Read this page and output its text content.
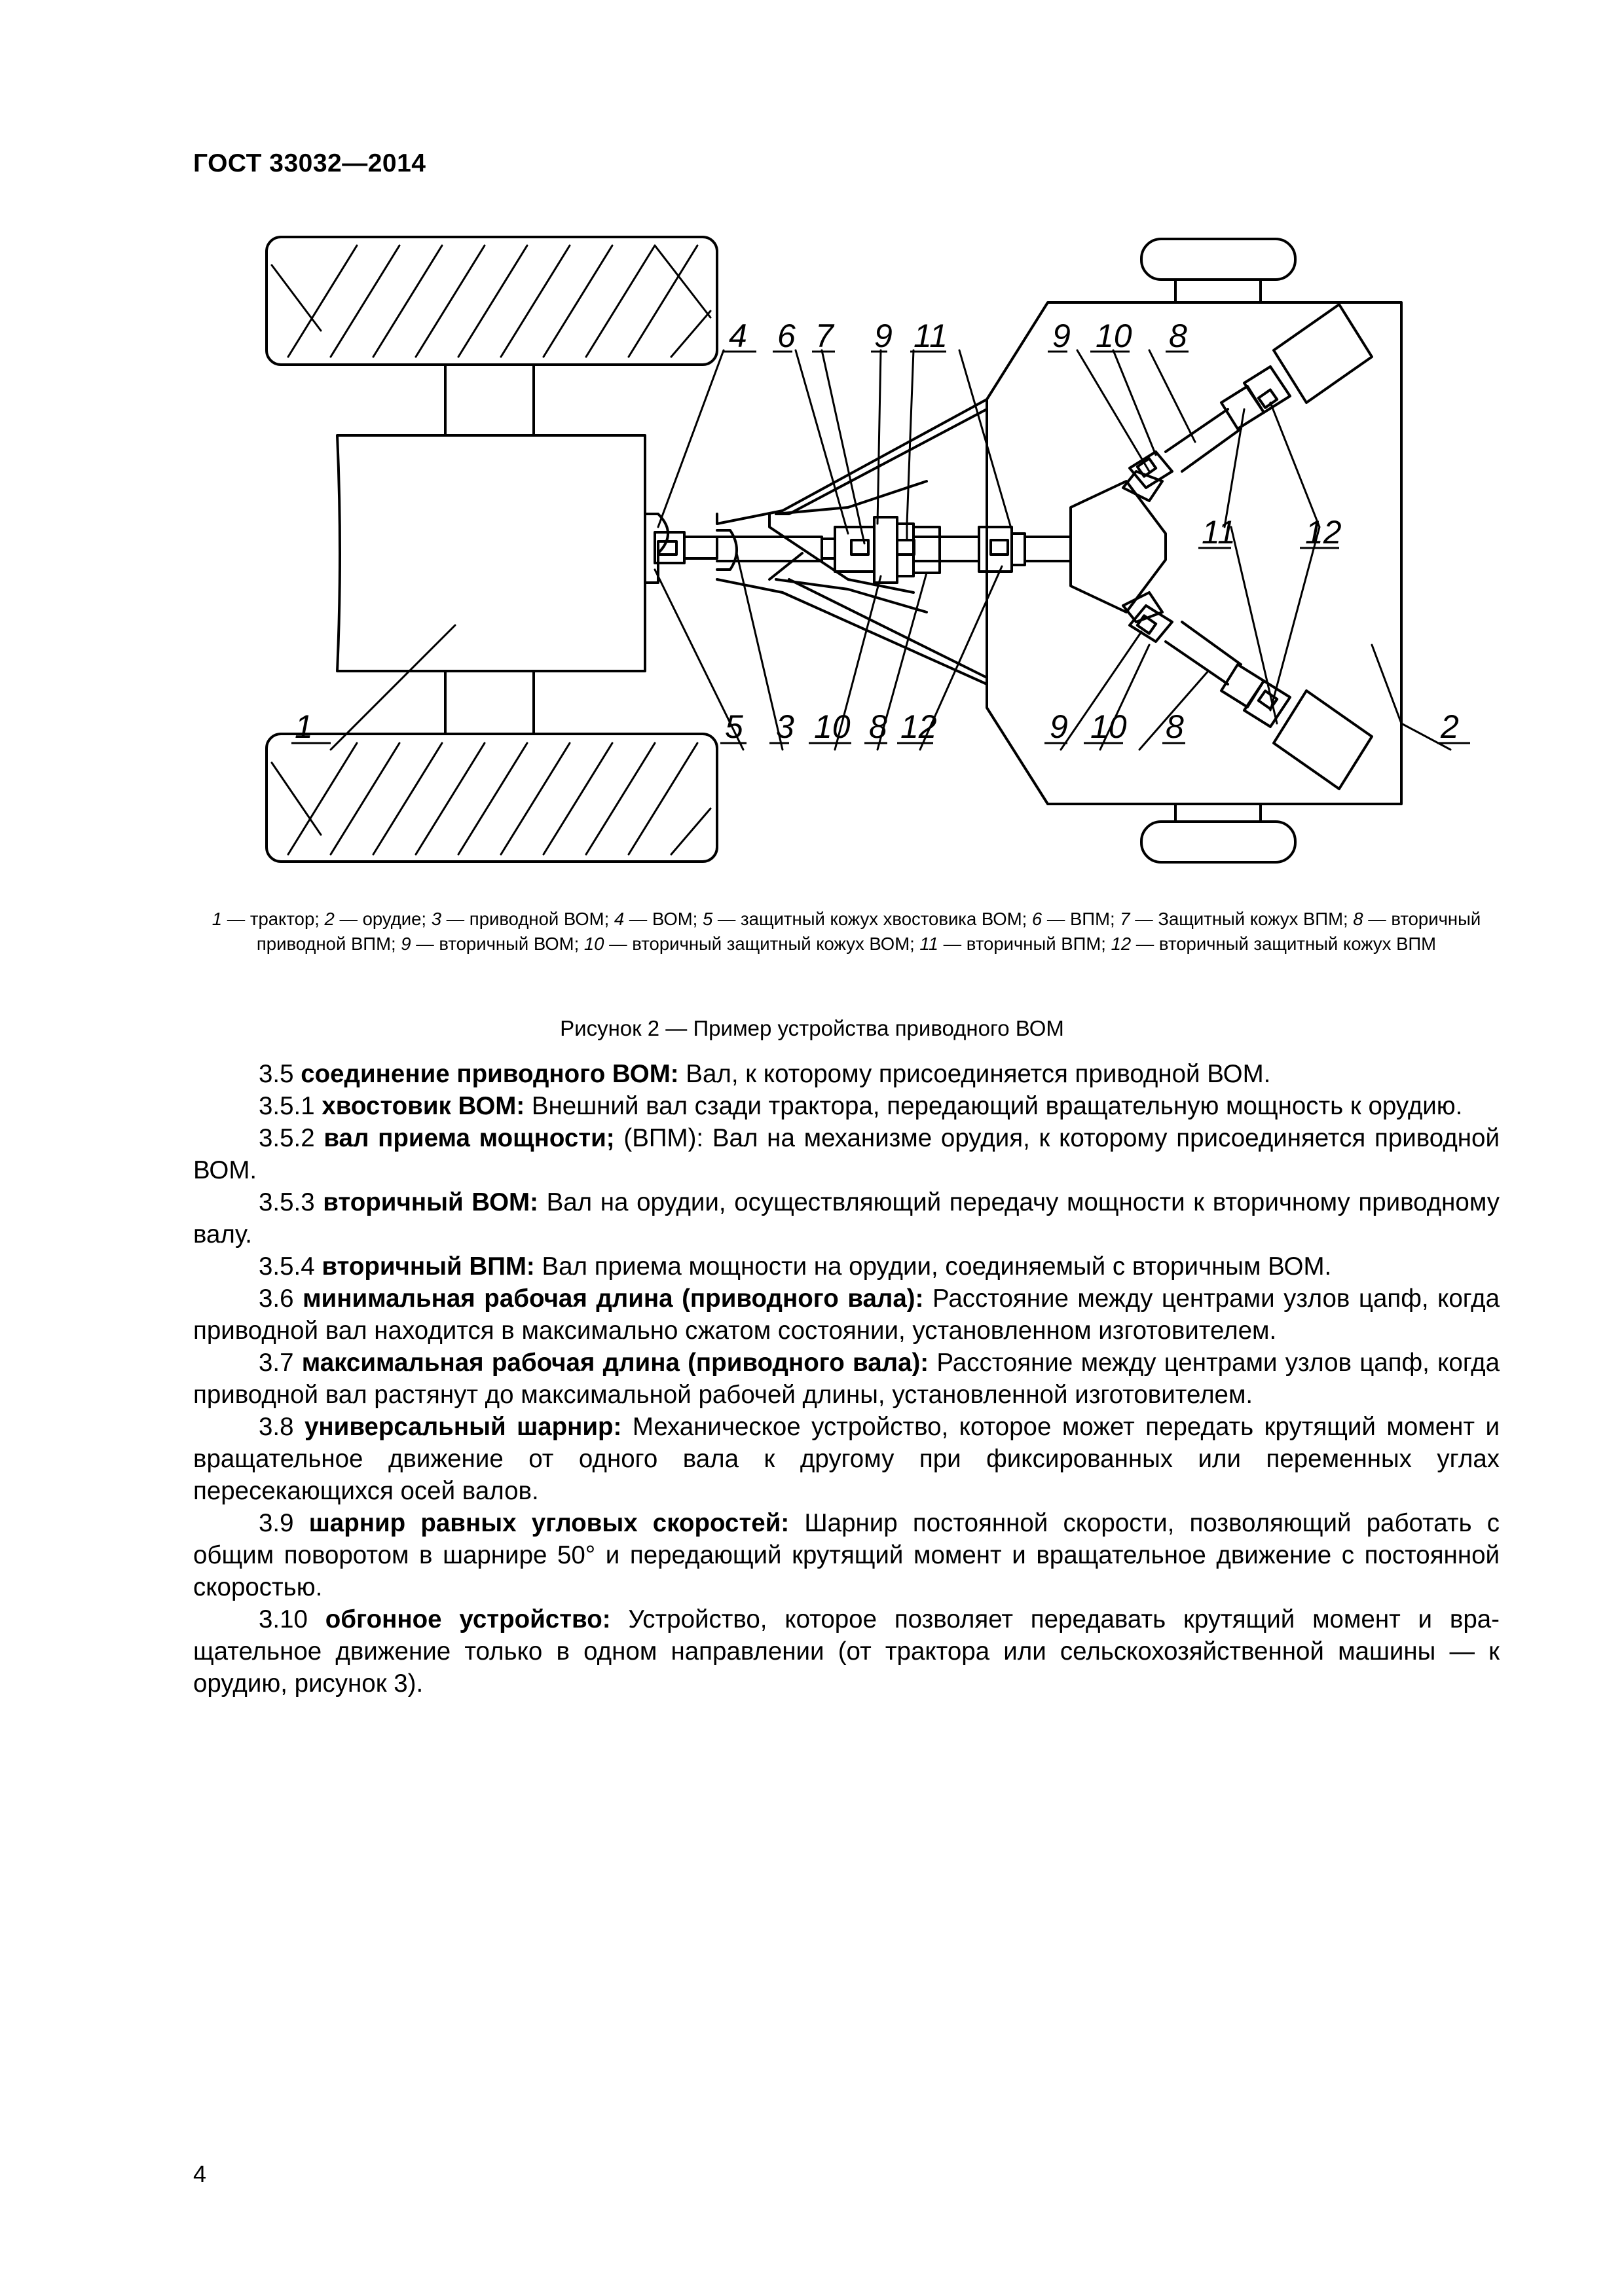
ГОСТ 33032—2014
4 6 7 9 11	9 10 8
11 12
1	5 3 10 8 12	9 10 8	2
1 — трактор; 2 — орудие; 3 — приводной ВОМ; 4 — ВОМ; 5 — защитный кожух хвостовика ВОМ; 6 — ВПМ; 7 — Защитный кожух ВПМ; 8 — вторичный приводной ВПМ; 9 — вторичный ВОМ; 10 — вторичный защитный кожух ВОМ; 11 — вторичный ВПМ; 12 — вторичный защитный кожух ВПМ
Рисунок 2 — Пример устройства приводного ВОМ

3.5 соединение приводного ВОМ: Вал, к которому присоединяется приводной ВОМ.

3.5.1 хвостовик ВОМ: Внешний вал сзади трактора, передающий вращательную мощность к орудию.

3.5.2 вал приема мощности; (ВПМ): Вал на механизме орудия, к которому присоединяется приводной ВОМ.

3.5.3 вторичный ВОМ: Вал на орудии, осуществляющий передачу мощности к вторичному приводному валу.

3.5.4 вторичный ВПМ: Вал приема мощности на орудии, соединяемый с вторичным ВОМ.

3.6 минимальная рабочая длина (приводного вала): Расстояние между центрами узлов цапф, когда приводной вал находится в максимально сжатом состоянии, установленном изготовителем.

3.7 максимальная рабочая длина (приводного вала): Расстояние между центрами узлов цапф, когда приводной вал растянут до максимальной рабочей длины, установленной изготовителем.

3.8 универсальный шарнир: Механическое устройство, которое может передать крутящий момент и вращательное движение от одного вала к другому при фиксированных или переменных углах пересекающихся осей валов.

3.9 шарнир равных угловых скоростей: Шарнир постоянной скорости, позволяющий работать с общим поворотом в шарнире 50° и передающий крутящий момент и вращательное движение с постоянной скоростью.

3.10 обгонное устройство: Устройство, которое позволяет передавать крутящий момент и вращательное движение только в одном направлении (от трактора или сельскохозяйственной машины — к орудию, рисунок 3).

4
